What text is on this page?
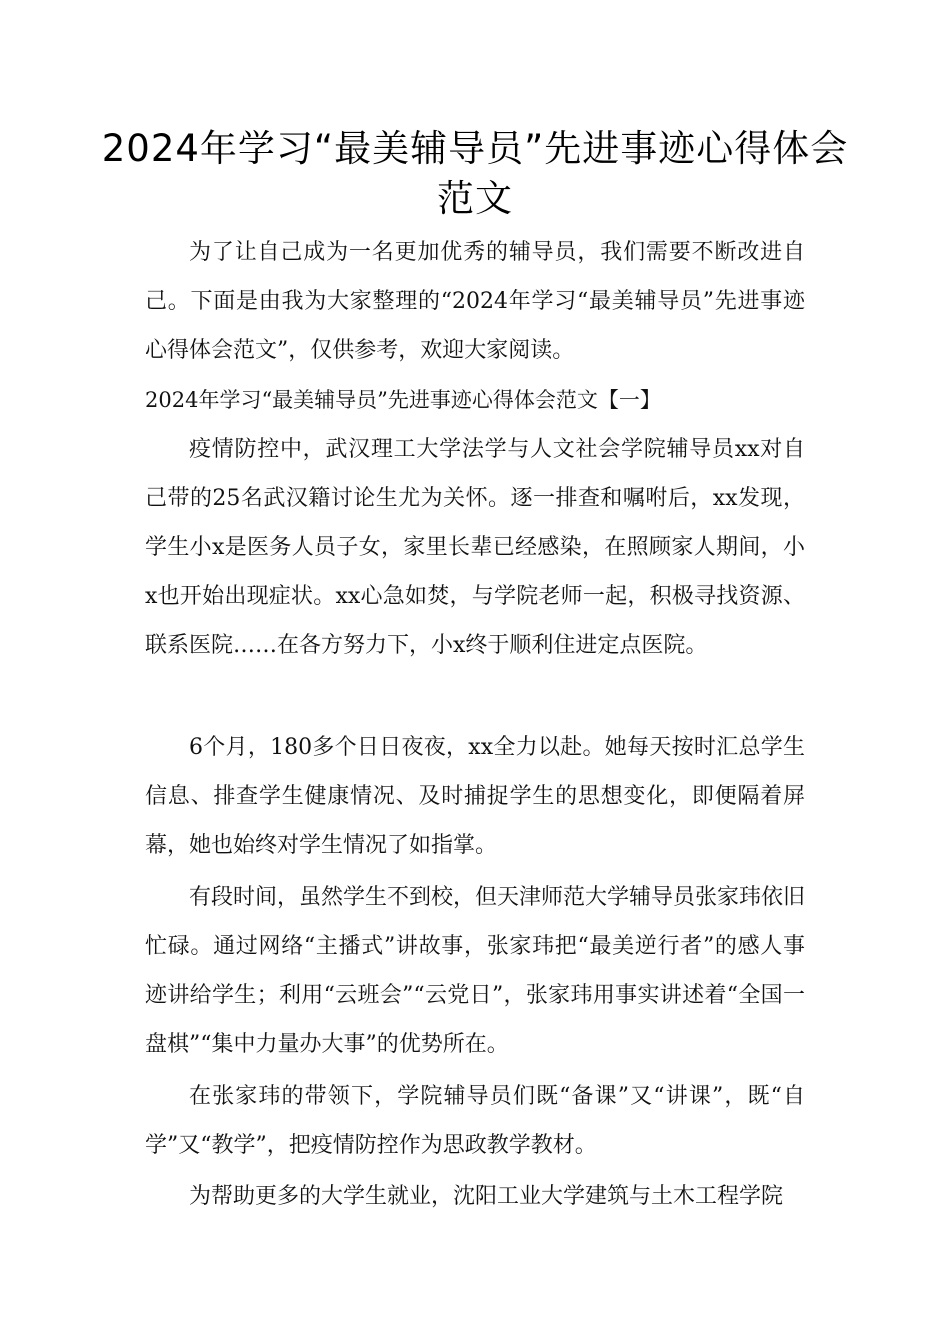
2024年学习“最美辅导员”先进事迹心得体会范文

为了让自己成为一名更加优秀的辅导员，我们需要不断改进自己。下面是由我为大家整理的“2024年学习“最美辅导员”先进事迹心得体会范文”，仅供参考，欢迎大家阅读。

2024年学习“最美辅导员”先进事迹心得体会范文【一】

疫情防控中，武汉理工大学法学与人文社会学院辅导员xx对自己带的25名武汉籍讨论生尤为关怀。逐一排查和嘱咐后，xx发现，学生小x是医务人员子女，家里长辈已经感染，在照顾家人期间，小x也开始出现症状。xx心急如焚，与学院老师一起，积极寻找资源、联系医院……在各方努力下，小x终于顺利住进定点医院。

6个月，180多个日日夜夜，xx全力以赴。她每天按时汇总学生信息、排查学生健康情况、及时捕捉学生的思想变化，即便隔着屏幕，她也始终对学生情况了如指掌。

有段时间，虽然学生不到校，但天津师范大学辅导员张家玮依旧忙碌。通过网络“主播式”讲故事，张家玮把“最美逆行者”的感人事迹讲给学生；利用“云班会”“云党日”，张家玮用事实讲述着“全国一盘棋”“集中力量办大事”的优势所在。

在张家玮的带领下，学院辅导员们既“备课”又“讲课”，既“自学”又“教学”，把疫情防控作为思政教学教材。

为帮助更多的大学生就业，沈阳工业大学建筑与土木工程学院
